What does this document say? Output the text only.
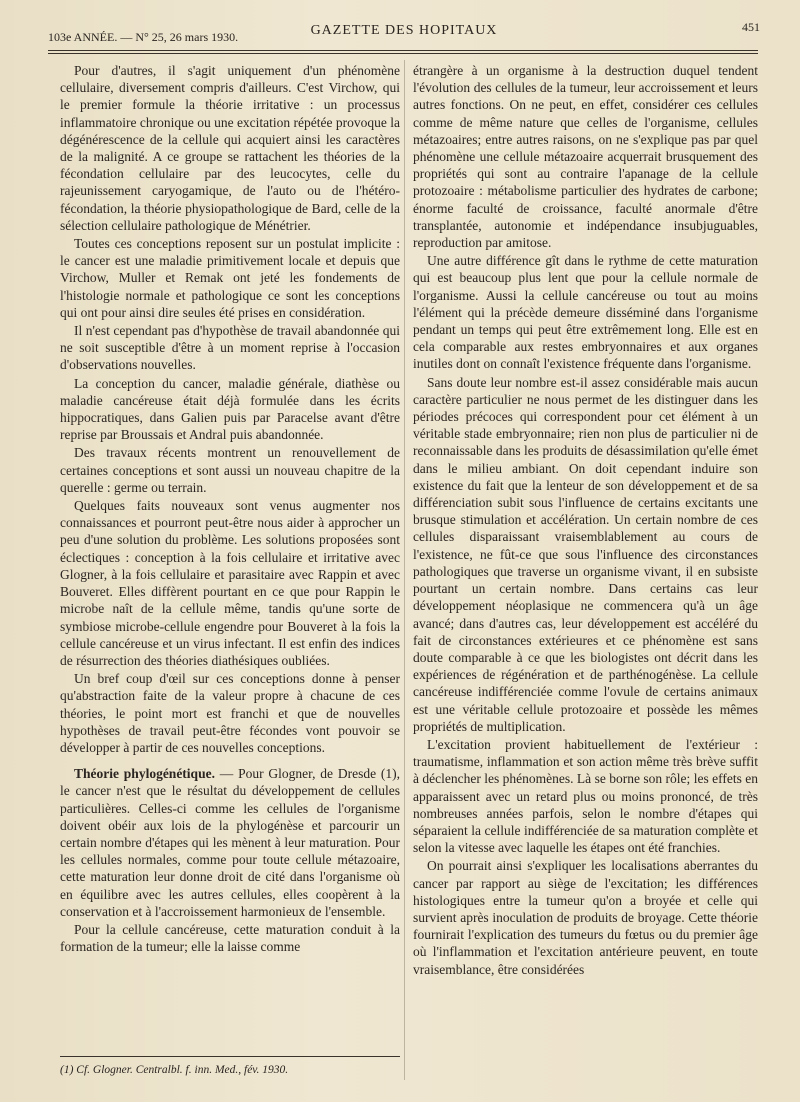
103e ANNÉE. — N° 25, 26 mars 1930.	GAZETTE DES HOPITAUX	451

Pour d'autres, il s'agit uniquement d'un phénomène cellulaire, diversement compris d'ailleurs. C'est Virchow, qui le premier formule la théorie irritative : un processus inflammatoire chronique ou une excitation répétée provoque la dégénérescence de la cellule qui acquiert ainsi les caractères de la malignité. A ce groupe se rattachent les théories de la fécondation cellulaire par des leucocytes, celle du rajeunissement caryogamique, de l'auto ou de l'hétéro-fécondation, la théorie physiopathologique de Bard, celle de la sélection cellulaire pathologique de Ménétrier.

Toutes ces conceptions reposent sur un postulat implicite : le cancer est une maladie primitivement locale et depuis que Virchow, Muller et Remak ont jeté les fondements de l'histologie normale et pathologique ce sont les conceptions qui ont pour ainsi dire seules été prises en considération.

Il n'est cependant pas d'hypothèse de travail abandonnée qui ne soit susceptible d'être à un moment reprise à l'occasion d'observations nouvelles.

La conception du cancer, maladie générale, diathèse ou maladie cancéreuse était déjà formulée dans les écrits hippocratiques, dans Galien puis par Paracelse avant d'être reprise par Broussais et Andral puis abandonnée.

Des travaux récents montrent un renouvellement de certaines conceptions et sont aussi un nouveau chapitre de la querelle : germe ou terrain.

Quelques faits nouveaux sont venus augmenter nos connaissances et pourront peut-être nous aider à approcher un peu d'une solution du problème. Les solutions proposées sont éclectiques : conception à la fois cellulaire et irritative avec Glogner, à la fois cellulaire et parasitaire avec Rappin et avec Bouveret. Elles diffèrent pourtant en ce que pour Rappin le microbe naît de la cellule même, tandis qu'une sorte de symbiose microbe-cellule engendre pour Bouveret à la fois la cellule cancéreuse et un virus infectant. Il est enfin des indices de résurrection des théories diathésiques oubliées.

Un bref coup d'œil sur ces conceptions donne à penser qu'abstraction faite de la valeur propre à chacune de ces théories, le point mort est franchi et que de nouvelles hypothèses de travail peut-être fécondes vont pouvoir se développer à partir de ces nouvelles conceptions.

Théorie phylogénétique. — Pour Glogner, de Dresde (1), le cancer n'est que le résultat du développement de cellules particulières. Celles-ci comme les cellules de l'organisme doivent obéir aux lois de la phylogénèse et parcourir un certain nombre d'étapes qui les mènent à leur maturation. Pour les cellules normales, comme pour toute cellule métazoaire, cette maturation leur donne droit de cité dans l'organisme où en équilibre avec les autres cellules, elles coopèrent à la conservation et à l'accroissement harmonieux de l'ensemble.

Pour la cellule cancéreuse, cette maturation conduit à la formation de la tumeur; elle la laisse comme

étrangère à un organisme à la destruction duquel tendent l'évolution des cellules de la tumeur, leur accroissement et leurs autres fonctions. On ne peut, en effet, considérer ces cellules comme de même nature que celles de l'organisme, cellules métazoaires; entre autres raisons, on ne s'explique pas par quel phénomène une cellule métazoaire acquerrait brusquement des propriétés qui sont au contraire l'apanage de la cellule protozoaire : métabolisme particulier des hydrates de carbone; énorme faculté de croissance, faculté anormale d'être transplantée, autonomie et indépendance insubjuguables, reproduction par amitose.

Une autre différence gît dans le rythme de cette maturation qui est beaucoup plus lent que pour la cellule normale de l'organisme. Aussi la cellule cancéreuse ou tout au moins l'élément qui la précède demeure disséminé dans l'organisme pendant un temps qui peut être extrêmement long. Elle est en cela comparable aux restes embryonnaires et aux organes inutiles dont on connaît l'existence fréquente dans l'organisme.

Sans doute leur nombre est-il assez considérable mais aucun caractère particulier ne nous permet de les distinguer dans les périodes précoces qui correspondent pour cet élément à un véritable stade embryonnaire; rien non plus de particulier ni de reconnaissable dans les produits de désassimilation qu'elle émet dans le milieu ambiant. On doit cependant induire son existence du fait que la lenteur de son développement et de sa différenciation subit sous l'influence de certains excitants une brusque stimulation et accélération. Un certain nombre de ces cellules disparaissant vraisemblablement au cours de l'existence, ne fût-ce que sous l'influence des circonstances pathologiques que traverse un organisme vivant, il en subsiste pourtant un certain nombre. Dans certains cas leur développement néoplasique ne commencera qu'à un âge avancé; dans d'autres cas, leur développement est accéléré du fait de circonstances extérieures et ce phénomène est sans doute comparable à ce que les biologistes ont décrit dans les expériences de régénération et de parthénogénèse. La cellule cancéreuse indifférenciée comme l'ovule de certains animaux est une véritable cellule protozoaire et possède les mêmes propriétés de multiplication.

L'excitation provient habituellement de l'extérieur : traumatisme, inflammation et son action même très brève suffit à déclencher les phénomènes. Là se borne son rôle; les effets en apparaissent avec un retard plus ou moins prononcé, de très nombreuses années parfois, selon le nombre d'étapes qui séparaient la cellule indifférenciée de sa maturation complète et selon la vitesse avec laquelle les étapes ont été franchies.

On pourrait ainsi s'expliquer les localisations aberrantes du cancer par rapport au siège de l'excitation; les différences histologiques entre la tumeur qu'on a broyée et celle qui survient après inoculation de produits de broyage. Cette théorie fournirait l'explication des tumeurs du fœtus ou du premier âge où l'inflammation et l'excitation antérieure peuvent, en toute vraisemblance, être considérées

(1) Cf. Glogner. Centralbl. f. inn. Med., fév. 1930.
